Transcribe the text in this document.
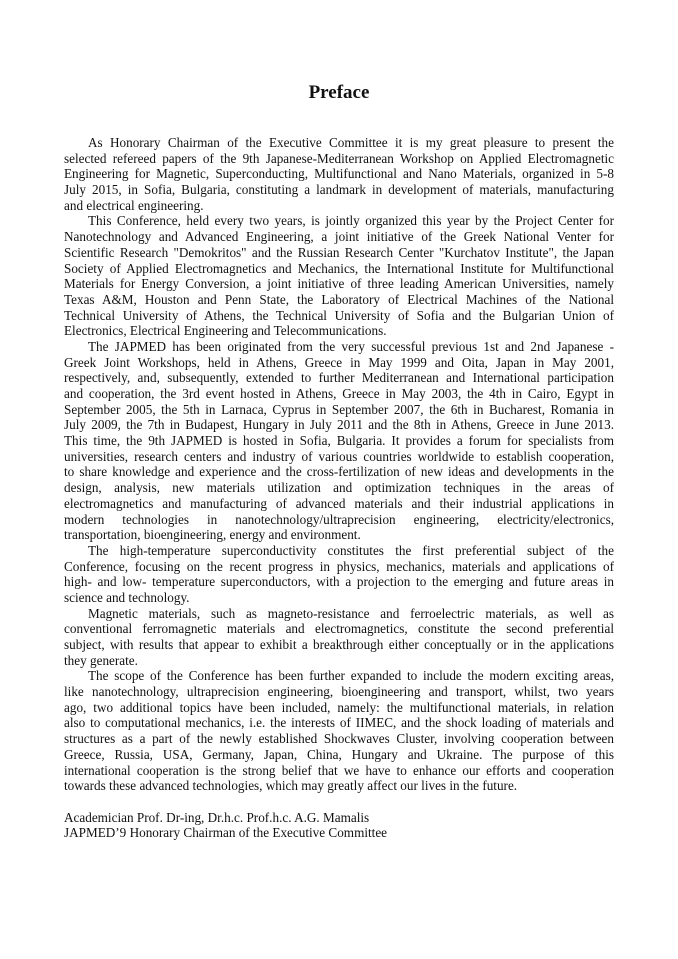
Preface
As Honorary Chairman of the Executive Committee it is my great pleasure to present the
selected refereed papers of the 9th Japanese-Mediterranean Workshop on Applied Electromagnetic
Engineering for Magnetic, Superconducting, Multifunctional and Nano Materials, organized in 5-8
July 2015, in Sofia, Bulgaria, constituting a landmark in development of materials, manufacturing
and electrical engineering.
This Conference, held every two years, is jointly organized this year by the Project Center for
Nanotechnology and Advanced Engineering, a joint initiative of the Greek National Venter for
Scientific Research "Demokritos" and the Russian Research Center "Kurchatov Institute", the Japan
Society of Applied Electromagnetics and Mechanics, the International Institute for Multifunctional
Materials for Energy Conversion, a joint initiative of three leading American Universities, namely
Texas A&M, Houston and Penn State, the Laboratory of Electrical Machines of the National
Technical University of Athens, the Technical University of Sofia and the Bulgarian Union of
Electronics, Electrical Engineering and Telecommunications.
The JAPMED has been originated from the very successful previous 1st and 2nd Japanese -
Greek Joint Workshops, held in Athens, Greece in May 1999 and Oita, Japan in May 2001,
respectively, and, subsequently, extended to further Mediterranean and International participation
and cooperation, the 3rd event hosted in Athens, Greece in May 2003, the 4th in Cairo, Egypt in
September 2005, the 5th in Larnaca, Cyprus in September 2007, the 6th in Bucharest, Romania in
July 2009, the 7th in Budapest, Hungary in July 2011 and the 8th in Athens, Greece in June 2013.
This time, the 9th JAPMED is hosted in Sofia, Bulgaria. It provides a forum for specialists from
universities, research centers and industry of various countries worldwide to establish cooperation,
to share knowledge and experience and the cross-fertilization of new ideas and developments in the
design, analysis, new materials utilization and optimization techniques in the areas of
electromagnetics and manufacturing of advanced materials and their industrial applications in
modern technologies in nanotechnology/ultraprecision engineering, electricity/electronics,
transportation, bioengineering, energy and environment.
The high-temperature superconductivity constitutes the first preferential subject of the
Conference, focusing on the recent progress in physics, mechanics, materials and applications of
high- and low- temperature superconductors, with a projection to the emerging and future areas in
science and technology.
Magnetic materials, such as magneto-resistance and ferroelectric materials, as well as
conventional ferromagnetic materials and electromagnetics, constitute the second preferential
subject, with results that appear to exhibit a breakthrough either conceptually or in the applications
they generate.
The scope of the Conference has been further expanded to include the modern exciting areas,
like nanotechnology, ultraprecision engineering, bioengineering and transport, whilst, two years
ago, two additional topics have been included, namely: the multifunctional materials, in relation
also to computational mechanics, i.e. the interests of IIMEC, and the shock loading of materials and
structures as a part of the newly established Shockwaves Cluster, involving cooperation between
Greece, Russia, USA, Germany, Japan, China, Hungary and Ukraine. The purpose of this
international cooperation is the strong belief that we have to enhance our efforts and cooperation
towards these advanced technologies, which may greatly affect our lives in the future.
Academician Prof. Dr-ing, Dr.h.c. Prof.h.c. A.G. Mamalis
JAPMED’9 Honorary Chairman of the Executive Committee
